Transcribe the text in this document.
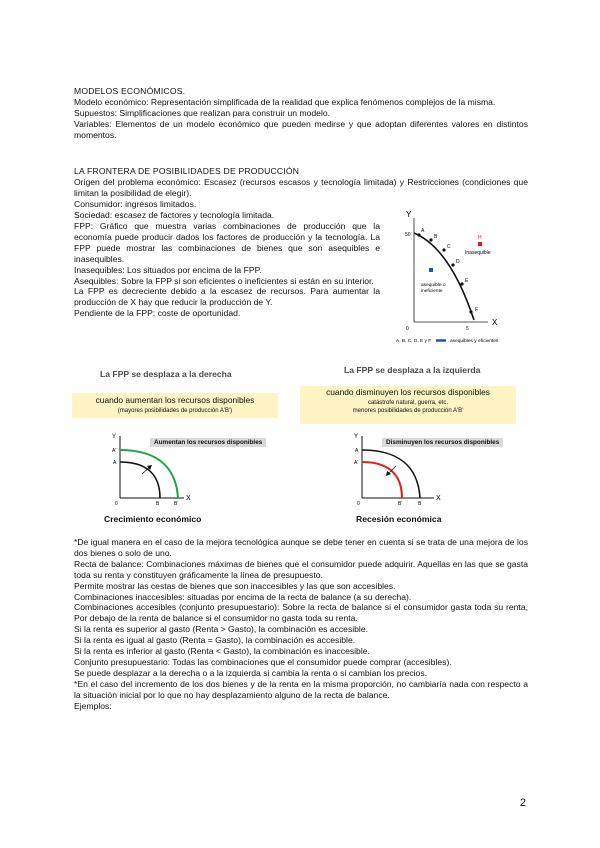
MODELOS ECONÓMICOS.

Modelo económico: Representación simplificada de la realidad que explica fenómenos complejos de la misma.

Supuestos: Simplificaciones que realizan para construir un modelo.

Variables: Elementos de un modelo económico que pueden medirse y que adoptan diferentes valores en distintos momentos.

LA FRONTERA DE POSIBILIDADES DE PRODUCCIÓN

Origen del problema económico: Escasez (recursos escasos y tecnología limitada) y Restricciones (condiciones que limitan la posibilidad de elegir).

Consumidor: ingresos limitados.

Sociedad: escasez de factores y tecnología limitada.

FPP: Gráfico que muestra varias combinaciones de producción que la economía puede producir dados los factores de producción y la tecnología. La FPP puede mostrar las combinaciones de bienes que son asequibles e inasequibles.

Inasequibles: Los situados por encima de la FPP.

Asequibles: Sobre la FPP si son eficientes o ineficientes si están en su interior.

La FPP es decreciente debido a la escasez de recursos. Para aumentar la producción de X hay que reducir la producción de Y.

Pendiente de la FPP: coste de oportunidad.

Y
X
0
50
5
A
B
C
D
E
F
H
Inasequible
asequible o ineficiente
A, B, C, D, E y F	asequibles y eficientes
La FPP se desplaza a la derecha
cuando aumentan los recursos disponibles
(mayores posibilidades de producción A'B')
Aumentan los recursos disponibles
Y
X
0
A'
A
B	B'
Crecimiento económico
La FPP se desplaza a la izquierda
cuando disminuyen los recursos disponibles
catástrofe natural, guerra, etc.
menores posibilidades de producción A'B'
Disminuyen los recursos disponibles
Y
X
0
A
A'
B'	B
Recesión económica

*De igual manera en el caso de la mejora tecnológica aunque se debe tener en cuenta si se trata de una mejora de los dos bienes o solo de uno.

Recta de balance: Combinaciones máximas de bienes que el consumidor puede adquirir. Aquellas en las que se gasta toda su renta y constituyen gráficamente la línea de presupuesto.

Permite mostrar las cestas de bienes que son inaccesibles y las que son accesibles.

Combinaciones inaccesibles: situadas por encima de la recta de balance (a su derecha).

Combinaciones accesibles (conjunto presupuestario): Sobre la recta de balance si el consumidor gasta toda su renta, Por debajo de la renta de balance si el consumidor no gasta toda su renta.

Si la renta es superior al gasto (Renta > Gasto), la combinación es accesible.

Si la renta es igual al gasto (Renta = Gasto), la combinación es accesible.

Si la renta es inferior al gasto (Renta < Gasto), la combinación es inaccesible.

Conjunto presupuestario: Todas las combinaciones que el consumidor puede comprar (accesibles).

Se puede desplazar a la derecha o a la izquierda si cambia la renta o si cambian los precios.

*En el caso del incremento de los dos bienes y de la renta en la misma proporción, no cambiaría nada con respecto a la situación inicial por lo que no hay desplazamiento alguno de la recta de balance.

Ejemplos:

2
